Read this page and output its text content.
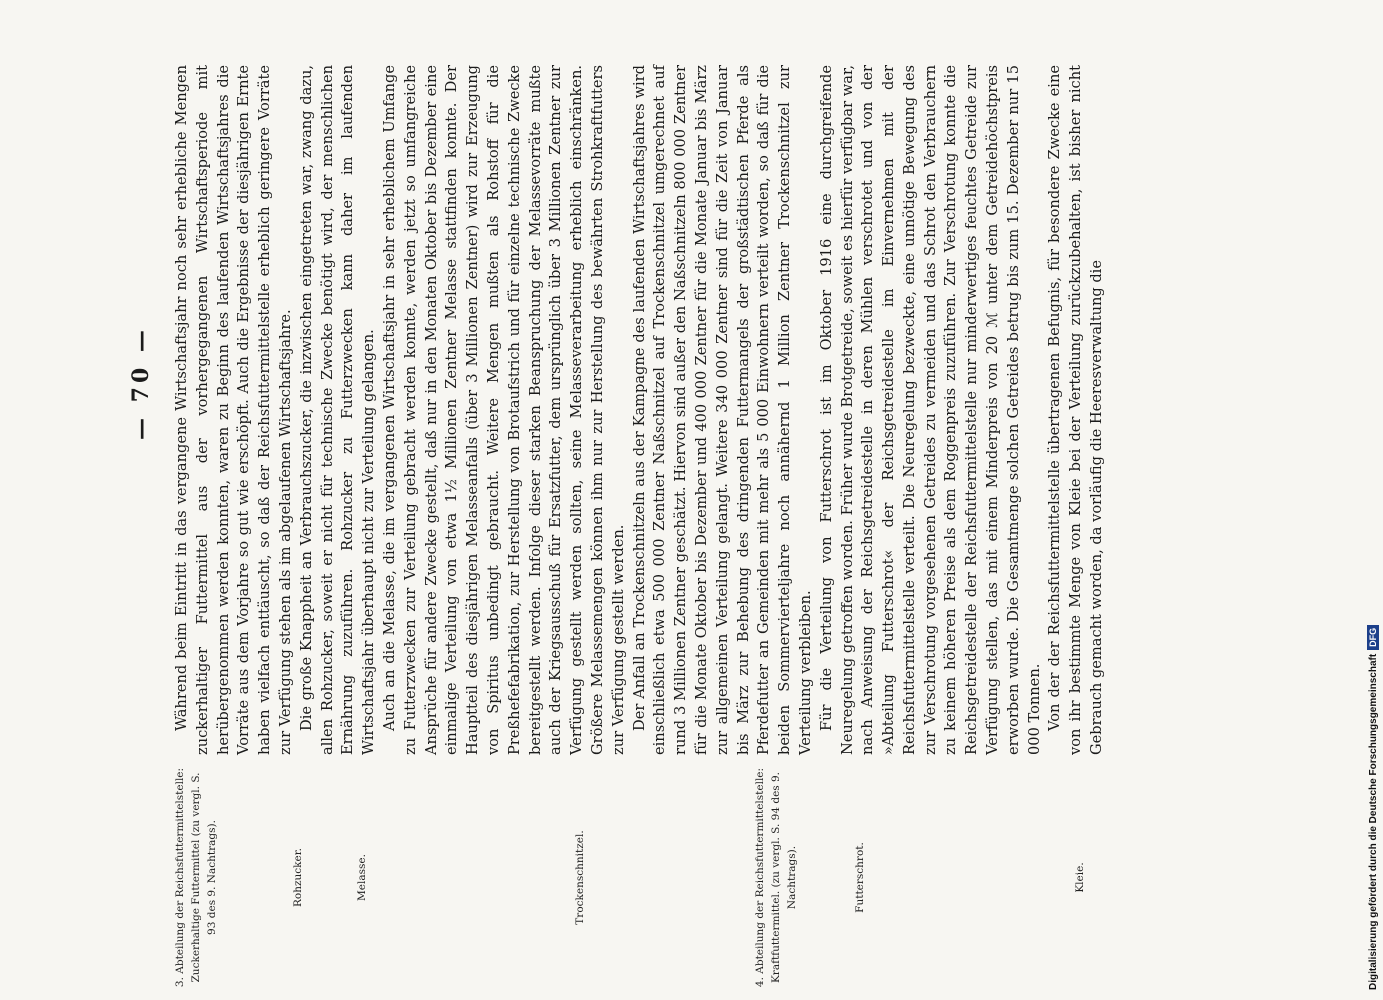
— 70 —
3. Abteilung der Reichsfuttermittelstelle: Zuckerhaltige Futtermittel (zu vergl. S. 93 des 9. Nachtrags).	Rohzucker.	Melasse.	Trockenschnitzel.	4. Abteilung der Reichsfuttermittelstelle: Kraftfuttermittel. (zu vergl. S. 94 des 9. Nachtrags).	Futterschrot.	Kleie.

Während beim Eintritt in das vergangene Wirtschaftsjahr noch sehr erhebliche Mengen zuckerhaltiger Futtermittel aus der vorhergegangenen Wirtschaftsperiode mit herübergenommen werden konnten, waren zu Beginn des laufenden Wirtschaftsjahres die Vorräte aus dem Vorjahre so gut wie erschöpft. Auch die Ergebnisse der diesjährigen Ernte haben vielfach enttäuscht, so daß der Reichsfuttermittelstelle erheblich geringere Vorräte zur Verfügung stehen als im abgelaufenen Wirtschaftsjahre. Die große Knappheit an Verbrauchszucker, die inzwischen eingetreten war, zwang dazu, allen Rohzucker, soweit er nicht für technische Zwecke benötigt wird, der menschlichen Ernährung zuzuführen. Rohzucker zu Futterzwecken kann daher im laufenden Wirtschaftsjahr überhaupt nicht zur Verteilung gelangen. Auch an die Melasse, die im vergangenen Wirtschaftsjahr in sehr erheblichem Umfange zu Futterzwecken zur Verteilung gebracht werden konnte, werden jetzt so umfangreiche Ansprüche für andere Zwecke gestellt, daß nur in den Monaten Oktober bis Dezember eine einmalige Verteilung von etwa 1½ Millionen Zentner Melasse stattfinden konnte. Der Hauptteil des diesjährigen Melasseanfalls (über 3 Millionen Zentner) wird zur Erzeugung von Spiritus unbedingt gebraucht. Weitere Mengen mußten als Rohstoff für die Preßhefefabrikation, zur Herstellung von Brotaufstrich und für einzelne technische Zwecke bereitgestellt werden. Infolge dieser starken Beanspruchung der Melassevorräte mußte auch der Kriegsausschuß für Ersatzfutter, dem ursprünglich über 3 Millionen Zentner zur Verfügung gestellt werden sollten, seine Melasseverarbeitung erheblich einschränken. Größere Melassemengen können ihm nur zur Herstellung des bewährten Strohkraftfutters zur Verfügung gestellt werden. Der Anfall an Trockenschnitzeln aus der Kampagne des laufenden Wirtschaftsjahres wird einschließlich etwa 500 000 Zentner Naßschnitzel auf Trockenschnitzel umgerechnet auf rund 3 Millionen Zentner geschätzt. Hiervon sind außer den Naßschnitzeln 800 000 Zentner für die Monate Oktober bis Dezember und 400 000 Zentner für die Monate Januar bis März zur allgemeinen Verteilung gelangt. Weitere 340 000 Zentner sind für die Zeit von Januar bis März zur Behebung des dringenden Futtermangels der großstädtischen Pferde als Pferdefutter an Gemeinden mit mehr als 5 000 Einwohnern verteilt worden, so daß für die beiden Sommervierteljahre noch annähernd 1 Million Zentner Trockenschnitzel zur Verteilung verbleiben. Für die Verteilung von Futterschrot ist im Oktober 1916 eine durchgreifende Neuregelung getroffen worden. Früher wurde Brotgetreide, soweit es hierfür verfügbar war, nach Anweisung der Reichsgetreidestelle in deren Mühlen verschrotet und von der »Abteilung Futterschrot« der Reichsgetreidestelle im Einvernehmen mit der Reichsfuttermittelstelle verteilt. Die Neuregelung bezweckte, eine unnötige Bewegung des zur Verschrotung vorgesehenen Getreides zu vermeiden und das Schrot den Verbrauchern zu keinem höheren Preise als dem Roggenpreis zuzuführen. Zur Verschrotung konnte die Reichsgetreidestelle der Reichsfuttermittelstelle nur minderwertiges feuchtes Getreide zur Verfügung stellen, das mit einem Minderpreis von 20 ℳ unter dem Getreidehöchstpreis erworben wurde. Die Gesamtmenge solchen Getreides betrug bis zum 15. Dezember nur 15 000 Tonnen. Von der der Reichsfuttermittelstelle übertragenen Befugnis, für besondere Zwecke eine von ihr bestimmte Menge von Kleie bei der Verteilung zurückzubehalten, ist bisher nicht Gebrauch gemacht worden, da vorläufig die Heeresverwaltung die

Digitalisierung gefördert durch die Deutsche Forschungsgemeinschaft
DFG
